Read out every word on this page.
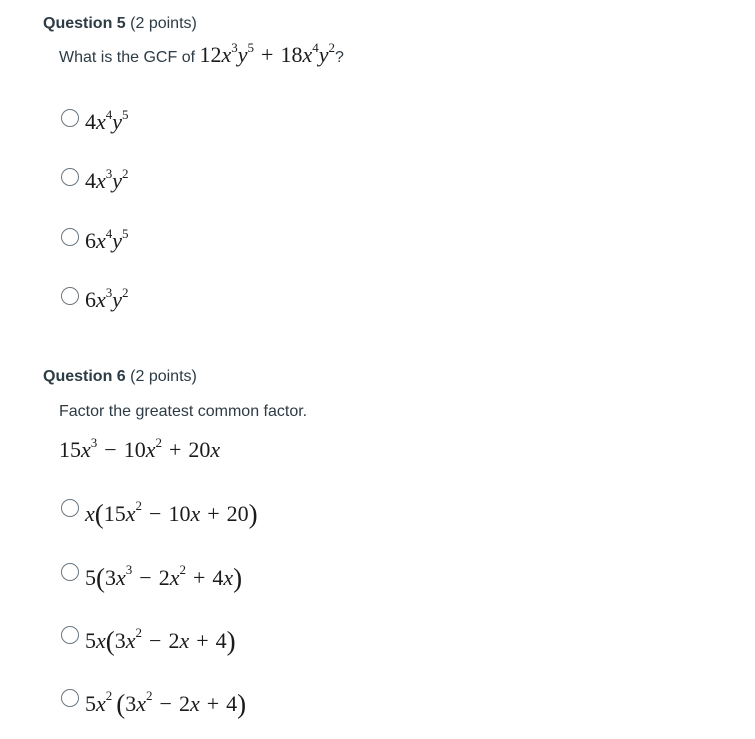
Question 5 (2 points)
What is the GCF of $12x^3y^5 + 18x^4y^2$?
$4x^4y^5$
$4x^3y^2$
$6x^4y^5$
$6x^3y^2$
Question 6 (2 points)
Factor the greatest common factor.
$15x^3 - 10x^2 + 20x$
$x(15x^2 - 10x + 20)$
$5(3x^3 - 2x^2 + 4x)$
$5x(3x^2 - 2x + 4)$
$5x^2$ $(3x^2 - 2x + 4)$
